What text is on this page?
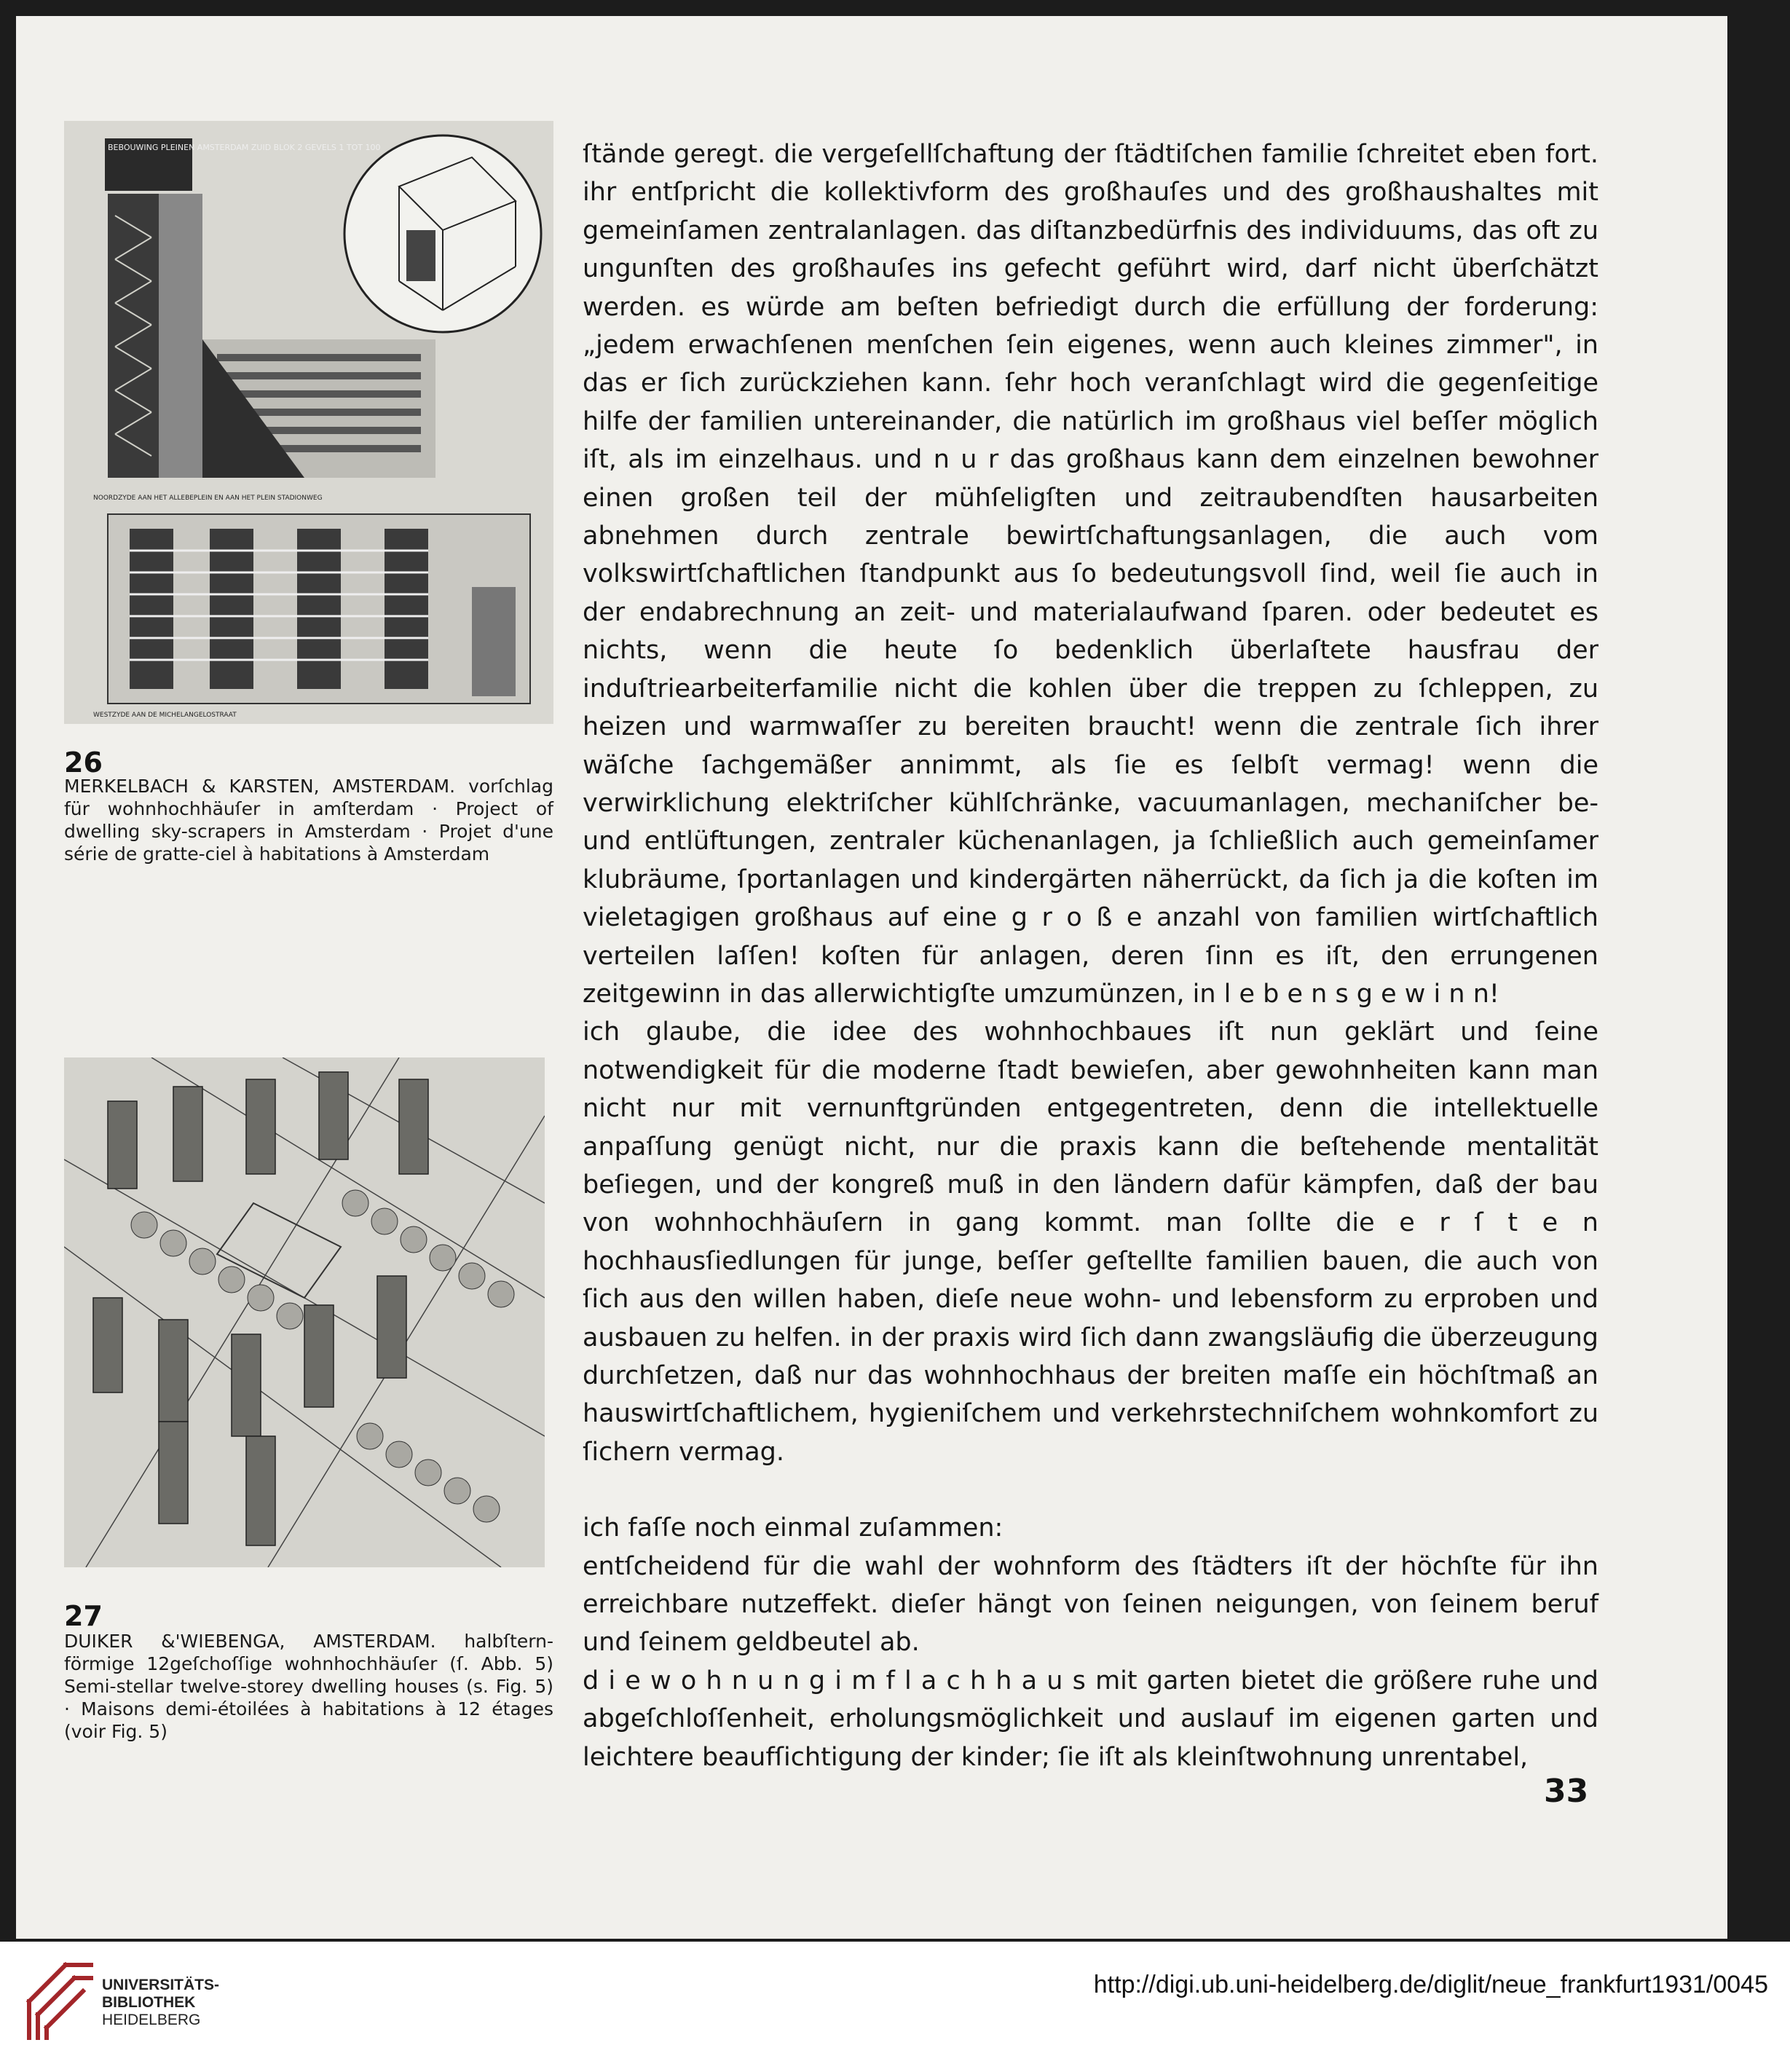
BEBOUWING PLEINEN AMSTERDAM ZUID BLOK 2 GEVELS 1 TOT 100
NOORDZYDE AAN HET ALLEBEPLEIN EN AAN HET PLEIN STADIONWEG
WESTZYDE AAN DE MICHELANGELOSTRAAT
26
MERKELBACH & KARSTEN, AMSTERDAM. vorſchlag für wohnhochhäuſer in amſterdam · Project of dwelling sky-scrapers in Amsterdam · Projet d'une série de gratte-ciel à habitations à Amsterdam
27
DUIKER &'WIEBENGA, AMSTERDAM. halbſtern-förmige 12geſchoſſige wohnhochhäuſer (ſ. Abb. 5) Semi-stellar twelve-storey dwelling houses (s. Fig. 5) · Maisons demi-étoilées à habitations à 12 étages (voir Fig. 5)

ſtände geregt. die vergeſellſchaftung der ſtädtiſchen familie ſchreitet eben fort. ihr entſpricht die kollektivform des großhauſes und des großhaushaltes mit gemeinſamen zentralanlagen. das diſtanzbedürfnis des individuums, das oft zu ungunſten des großhauſes ins gefecht geführt wird, darf nicht überſchätzt werden. es würde am beſten befriedigt durch die erfüllung der forderung: „jedem erwachſenen menſchen ſein eigenes, wenn auch kleines zimmer", in das er ſich zurückziehen kann. ſehr hoch veranſchlagt wird die gegenſeitige hilfe der familien untereinander, die natürlich im großhaus viel beſſer möglich iſt, als im einzelhaus. und n u r das großhaus kann dem einzelnen bewohner einen großen teil der mühſeligſten und zeitraubendſten hausarbeiten abnehmen durch zentrale bewirtſchaftungsanlagen, die auch vom volkswirtſchaftlichen ſtandpunkt aus ſo bedeutungsvoll ſind, weil ſie auch in der endabrechnung an zeit- und materialaufwand ſparen. oder bedeutet es nichts, wenn die heute ſo bedenklich überlaſtete hausfrau der induſtriearbeiterfamilie nicht die kohlen über die treppen zu ſchleppen, zu heizen und warmwaſſer zu bereiten braucht! wenn die zentrale ſich ihrer wäſche ſachgemäßer annimmt, als ſie es ſelbſt vermag! wenn die verwirklichung elektriſcher kühlſchränke, vacuumanlagen, mechaniſcher be- und entlüftungen, zentraler küchenanlagen, ja ſchließlich auch gemeinſamer klubräume, ſportanlagen und kindergärten näherrückt, da ſich ja die koſten im vieletagigen großhaus auf eine g r o ß e anzahl von familien wirtſchaftlich verteilen laſſen! koſten für anlagen, deren ſinn es iſt, den errungenen zeitgewinn in das allerwichtigſte umzumünzen, in l e b e n s g e w i n n!

ich glaube, die idee des wohnhochbaues iſt nun geklärt und ſeine notwendigkeit für die moderne ſtadt bewieſen, aber gewohnheiten kann man nicht nur mit vernunftgründen entgegentreten, denn die intellektuelle anpaſſung genügt nicht, nur die praxis kann die beſtehende mentalität beſiegen, und der kongreß muß in den ländern dafür kämpfen, daß der bau von wohnhochhäuſern in gang kommt. man ſollte die e r ſ t e n hochhausſiedlungen für junge, beſſer geſtellte familien bauen, die auch von ſich aus den willen haben, dieſe neue wohn- und lebensform zu erproben und ausbauen zu helfen. in der praxis wird ſich dann zwangsläufig die überzeugung durchſetzen, daß nur das wohnhochhaus der breiten maſſe ein höchſtmaß an hauswirtſchaftlichem, hygieniſchem und verkehrstechniſchem wohnkomfort zu ſichern vermag.

ich faſſe noch einmal zuſammen:

entſcheidend für die wahl der wohnform des ſtädters iſt der höchſte für ihn erreichbare nutzeffekt. dieſer hängt von ſeinen neigungen, von ſeinem beruf und ſeinem geldbeutel ab.

d i e w o h n u n g i m f l a c h h a u s mit garten bietet die größere ruhe und abgeſchloſſenheit, erholungsmöglichkeit und auslauf im eigenen garten und leichtere beaufſichtigung der kinder; ſie iſt als kleinſtwohnung unrentabel,

33
UNIVERSITÄTS-
BIBLIOTHEK
HEIDELBERG
http://digi.ub.uni-heidelberg.de/diglit/neue_frankfurt1931/0045
